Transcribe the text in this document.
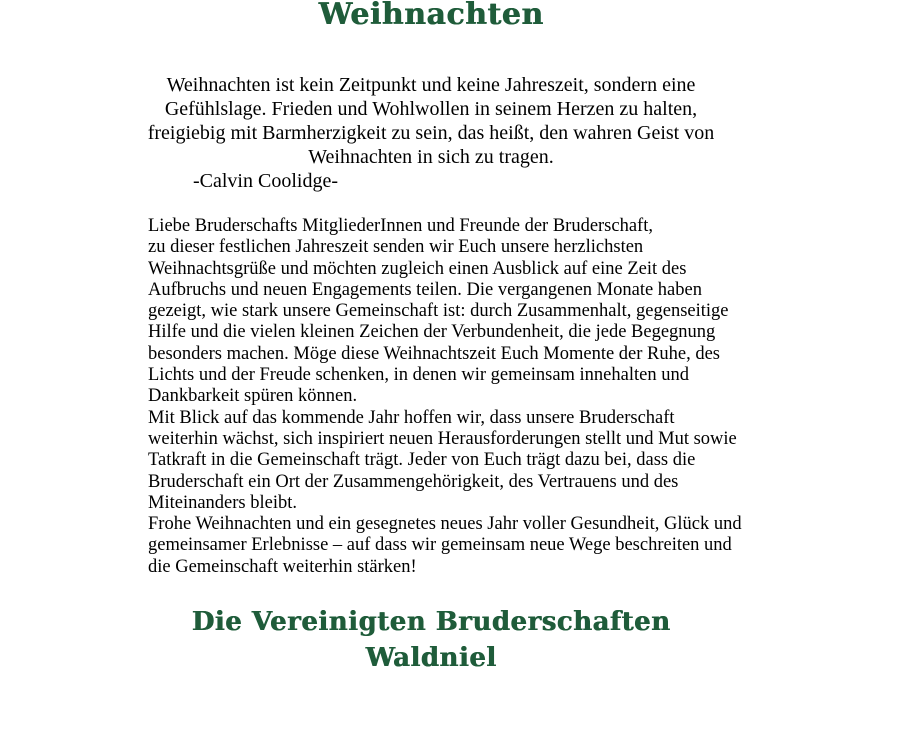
Weihnachten
Weihnachten ist kein Zeitpunkt und keine Jahreszeit, sondern eine
Gefühlslage. Frieden und Wohlwollen in seinem Herzen zu halten,
freigiebig mit Barmherzigkeit zu sein, das heißt, den wahren Geist von
Weihnachten in sich zu tragen.
-Calvin Coolidge-
Liebe Bruderschafts MitgliederInnen und Freunde der Bruderschaft,
zu dieser festlichen Jahreszeit senden wir Euch unsere herzlichsten
Weihnachtsgrüße und möchten zugleich einen Ausblick auf eine Zeit des
Aufbruchs und neuen Engagements teilen. Die vergangenen Monate haben
gezeigt, wie stark unsere Gemeinschaft ist: durch Zusammenhalt, gegenseitige
Hilfe und die vielen kleinen Zeichen der Verbundenheit, die jede Begegnung
besonders machen. Möge diese Weihnachtszeit Euch Momente der Ruhe, des
Lichts und der Freude schenken, in denen wir gemeinsam innehalten und
Dankbarkeit spüren können.
Mit Blick auf das kommende Jahr hoffen wir, dass unsere Bruderschaft
weiterhin wächst, sich inspiriert neuen Herausforderungen stellt und Mut sowie
Tatkraft in die Gemeinschaft trägt. Jeder von Euch trägt dazu bei, dass die
Bruderschaft ein Ort der Zusammengehörigkeit, des Vertrauens und des
Miteinanders bleibt.
Frohe Weihnachten und ein gesegnetes neues Jahr voller Gesundheit, Glück und
gemeinsamer Erlebnisse – auf dass wir gemeinsam neue Wege beschreiten und
die Gemeinschaft weiterhin stärken!
Die Vereinigten Bruderschaften
Waldniel
